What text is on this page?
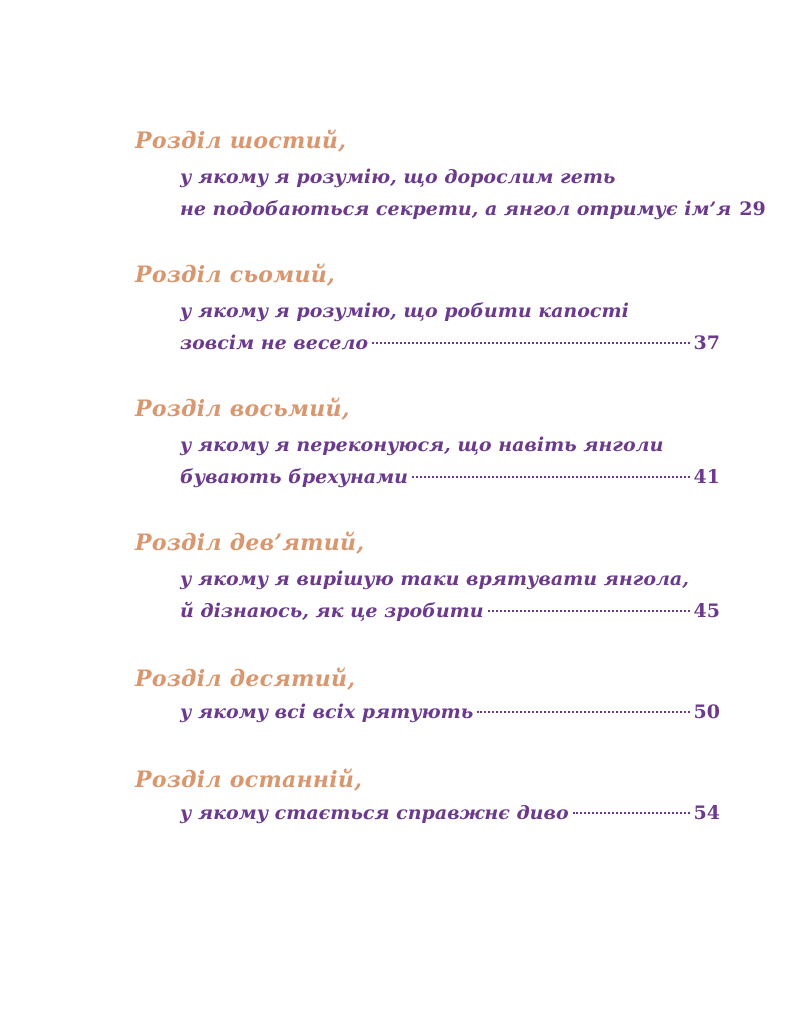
Розділ шостий,
у якому я розумію, що дорослим геть
не подобаються секрети, а янгол отримує ім’я 29
Розділ сьомий,
у якому я розумію, що робити капості
зовсім не весело	37
Розділ восьмий,
у якому я переконуюся, що навіть янголи
бувають брехунами	41
Розділ дев’ятий,
у якому я вирішую таки врятувати янгола,
й дізнаюсь, як це зробити	45
Розділ десятий,
у якому всі всіх рятують	50
Розділ останній,
у якому стається справжнє диво	54
